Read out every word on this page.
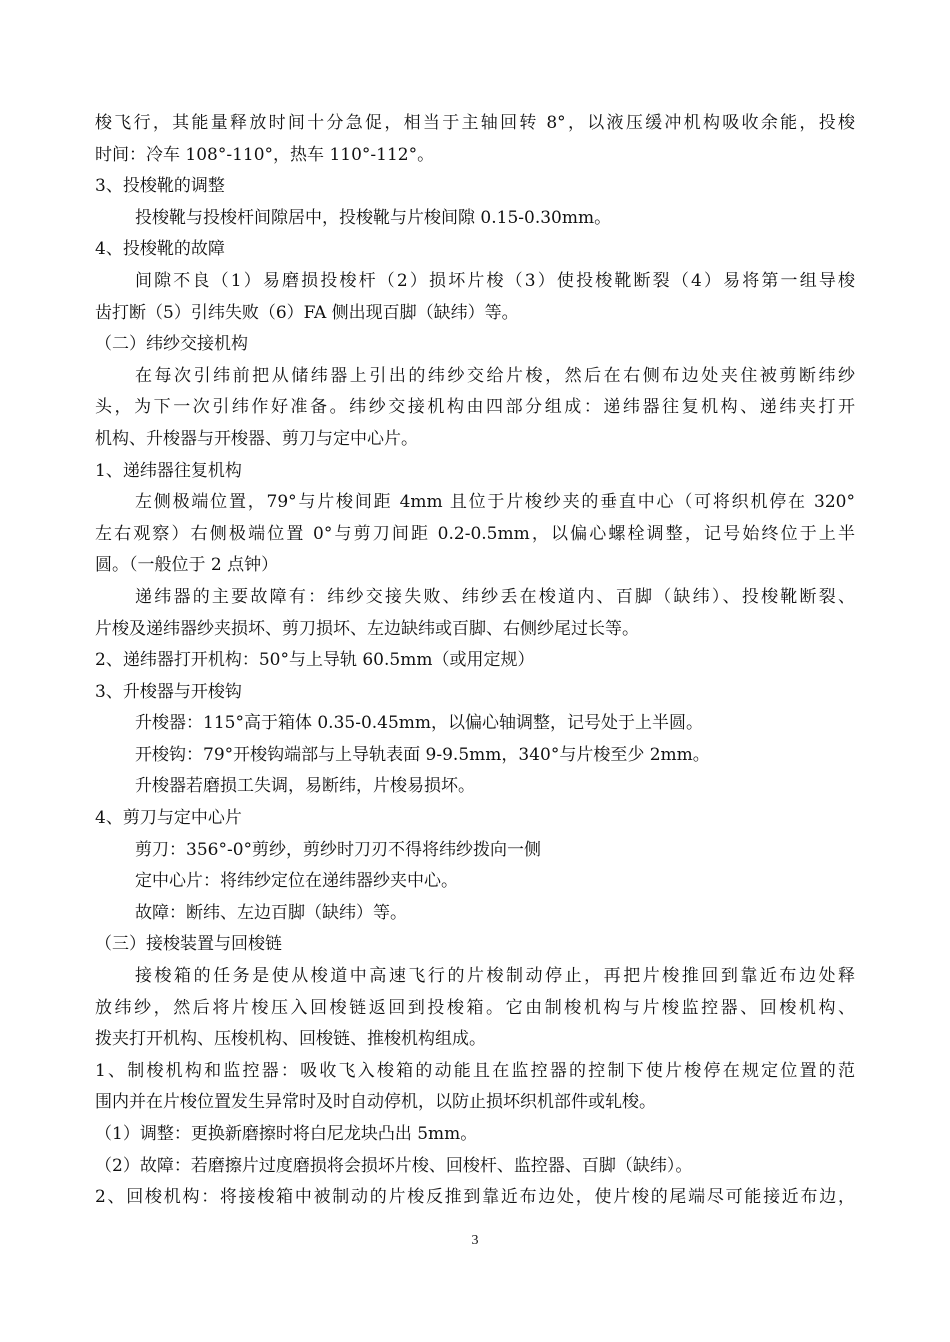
梭飞行，其能量释放时间十分急促，相当于主轴回转 8°，以液压缓冲机构吸收余能，投梭
时间：冷车 108°-110°，热车 110°-112°。
3、投梭靴的调整
投梭靴与投梭杆间隙居中，投梭靴与片梭间隙 0.15-0.30mm。
4、投梭靴的故障
间隙不良（1）易磨损投梭杆（2）损坏片梭（3）使投梭靴断裂（4）易将第一组导梭
齿打断（5）引纬失败（6）FA 侧出现百脚（缺纬）等。
（二）纬纱交接机构
在每次引纬前把从储纬器上引出的纬纱交给片梭，然后在右侧布边处夹住被剪断纬纱
头，为下一次引纬作好准备。纬纱交接机构由四部分组成：递纬器往复机构、递纬夹打开
机构、升梭器与开梭器、剪刀与定中心片。
1、递纬器往复机构
左侧极端位置，79°与片梭间距 4mm 且位于片梭纱夹的垂直中心（可将织机停在 320°
左右观察）右侧极端位置 0°与剪刀间距 0.2-0.5mm，以偏心螺栓调整，记号始终位于上半
圆。（一般位于 2 点钟）
递纬器的主要故障有：纬纱交接失败、纬纱丢在梭道内、百脚（缺纬）、投梭靴断裂、
片梭及递纬器纱夹损坏、剪刀损坏、左边缺纬或百脚、右侧纱尾过长等。
2、递纬器打开机构：50°与上导轨 60.5mm（或用定规）
3、升梭器与开梭钩
升梭器：115°高于箱体 0.35-0.45mm，以偏心轴调整，记号处于上半圆。
开梭钩：79°开梭钩端部与上导轨表面 9-9.5mm，340°与片梭至少 2mm。
升梭器若磨损工失调，易断纬，片梭易损坏。
4、剪刀与定中心片
剪刀：356°-0°剪纱，剪纱时刀刃不得将纬纱拨向一侧
定中心片：将纬纱定位在递纬器纱夹中心。
故障：断纬、左边百脚（缺纬）等。
（三）接梭装置与回梭链
接梭箱的任务是使从梭道中高速飞行的片梭制动停止，再把片梭推回到靠近布边处释
放纬纱，然后将片梭压入回梭链返回到投梭箱。它由制梭机构与片梭监控器、回梭机构、
拨夹打开机构、压梭机构、回梭链、推梭机构组成。
1、制梭机构和监控器：吸收飞入梭箱的动能且在监控器的控制下使片梭停在规定位置的范
围内并在片梭位置发生异常时及时自动停机，以防止损坏织机部件或轧梭。
（1）调整：更换新磨擦时将白尼龙块凸出 5mm。
（2）故障：若磨擦片过度磨损将会损坏片梭、回梭杆、监控器、百脚（缺纬）。
2、回梭机构：将接梭箱中被制动的片梭反推到靠近布边处，使片梭的尾端尽可能接近布边，
3
